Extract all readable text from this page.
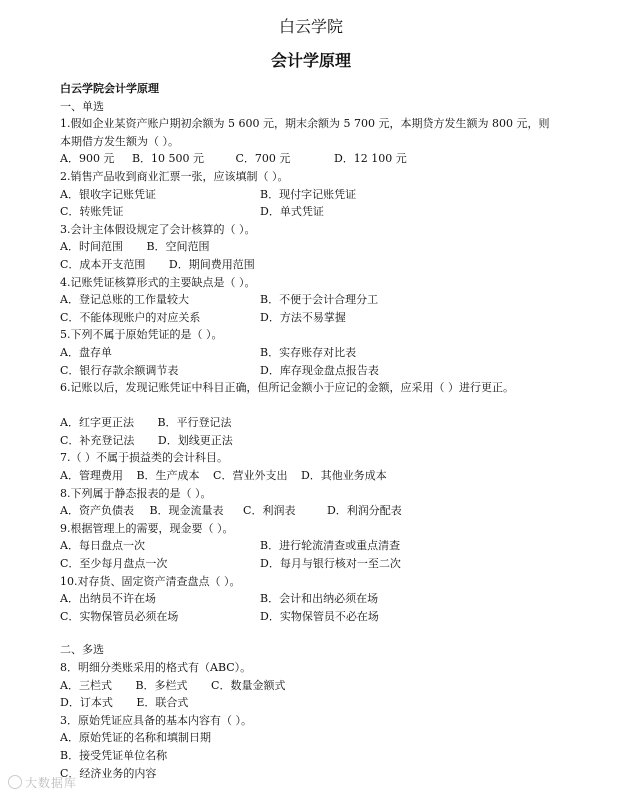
白云学院
会计学原理
白云学院会计学原理
一、单选
1.假如企业某资产账户期初余额为 5 600 元，期末余额为 5 700 元，本期贷方发生额为 800 元，则本期借方发生额为（ ）。
A．900 元 B．10 500 元	C．700 元	D．12 100 元
2.销售产品收到商业汇票一张，应该填制（ ）。
A．银收字记账凭证	B．现付字记账凭证
C．转账凭证	D．单式凭证
3.会计主体假设规定了会计核算的（ ）。
A．时间范围 B．空间范围
C．成本开支范围 D．期间费用范围
4.记账凭证核算形式的主要缺点是（ ）。
A．登记总账的工作量较大	B．不便于会计合理分工
C．不能体现账户的对应关系	D．方法不易掌握
5.下列不属于原始凭证的是（ ）。
A．盘存单	B．实存账存对比表
C．银行存款余额调节表	D．库存现金盘点报告表
6.记账以后，发现记账凭证中科目正确，但所记金额小于应记的金额，应采用（ ）进行更正。
A．红字更正法 B．平行登记法
C．补充登记法 D．划线更正法
7.（ ）不属于损益类的会计科目。
A．管理费用 B．生产成本 C．营业外支出 D．其他业务成本
8.下列属于静态报表的是（ ）。
A．资产负债表 B．现金流量表 C．利润表	D．利润分配表
9.根据管理上的需要，现金要（ ）。
A．每日盘点一次	B．进行轮流清查或重点清查
C．至少每月盘点一次	D．每月与银行核对一至二次
10.对存货、固定资产清查盘点（ ）。
A．出纳员不许在场	B．会计和出纳必须在场
C．实物保管员必须在场	D．实物保管员不必在场
二、多选
8．明细分类账采用的格式有（ABC）。
A．三栏式 B．多栏式 C．数量金额式
D．订本式 E．联合式
3．原始凭证应具备的基本内容有（ ）。
A．原始凭证的名称和填制日期
B．接受凭证单位名称
C．经济业务的内容
大数据库
